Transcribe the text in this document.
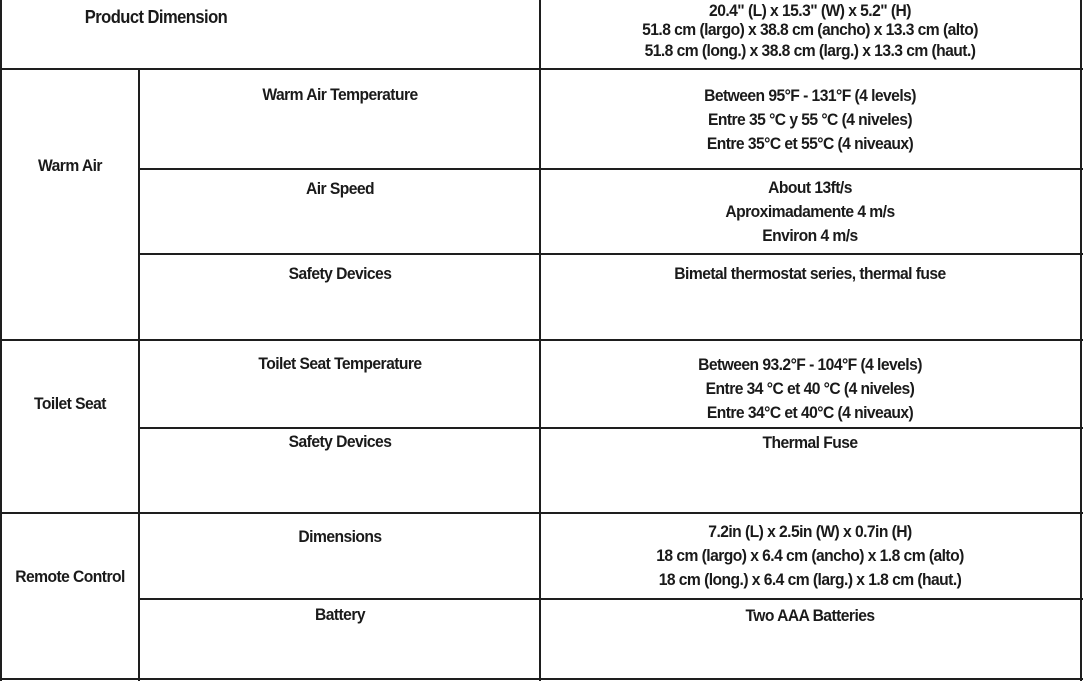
Product Dimension	20.4" (L) x 15.3" (W) x 5.2" (H)
51.8 cm (largo) x 38.8 cm (ancho) x 13.3 cm (alto)
51.8 cm (long.) x 38.8 cm (larg.) x 13.3 cm (haut.)
Warm Air
Warm Air Temperature	Between 95°F - 131°F (4 levels)
Entre 35 °C y 55 °C (4 niveles)
Entre 35°C et 55°C (4 niveaux)
Air Speed	About 13ft/s
Aproximadamente 4 m/s
Environ 4 m/s
Safety Devices	Bimetal thermostat series, thermal fuse
Toilet Seat
Toilet Seat Temperature	Between 93.2°F - 104°F (4 levels)
Entre 34 °C et 40 °C (4 niveles)
Entre 34°C et 40°C (4 niveaux)
Safety Devices	Thermal Fuse
Remote Control
Dimensions	7.2in (L) x 2.5in (W) x 0.7in (H)
18 cm (largo) x 6.4 cm (ancho) x 1.8 cm (alto)
18 cm (long.) x 6.4 cm (larg.) x 1.8 cm (haut.)
Battery	Two AAA Batteries
